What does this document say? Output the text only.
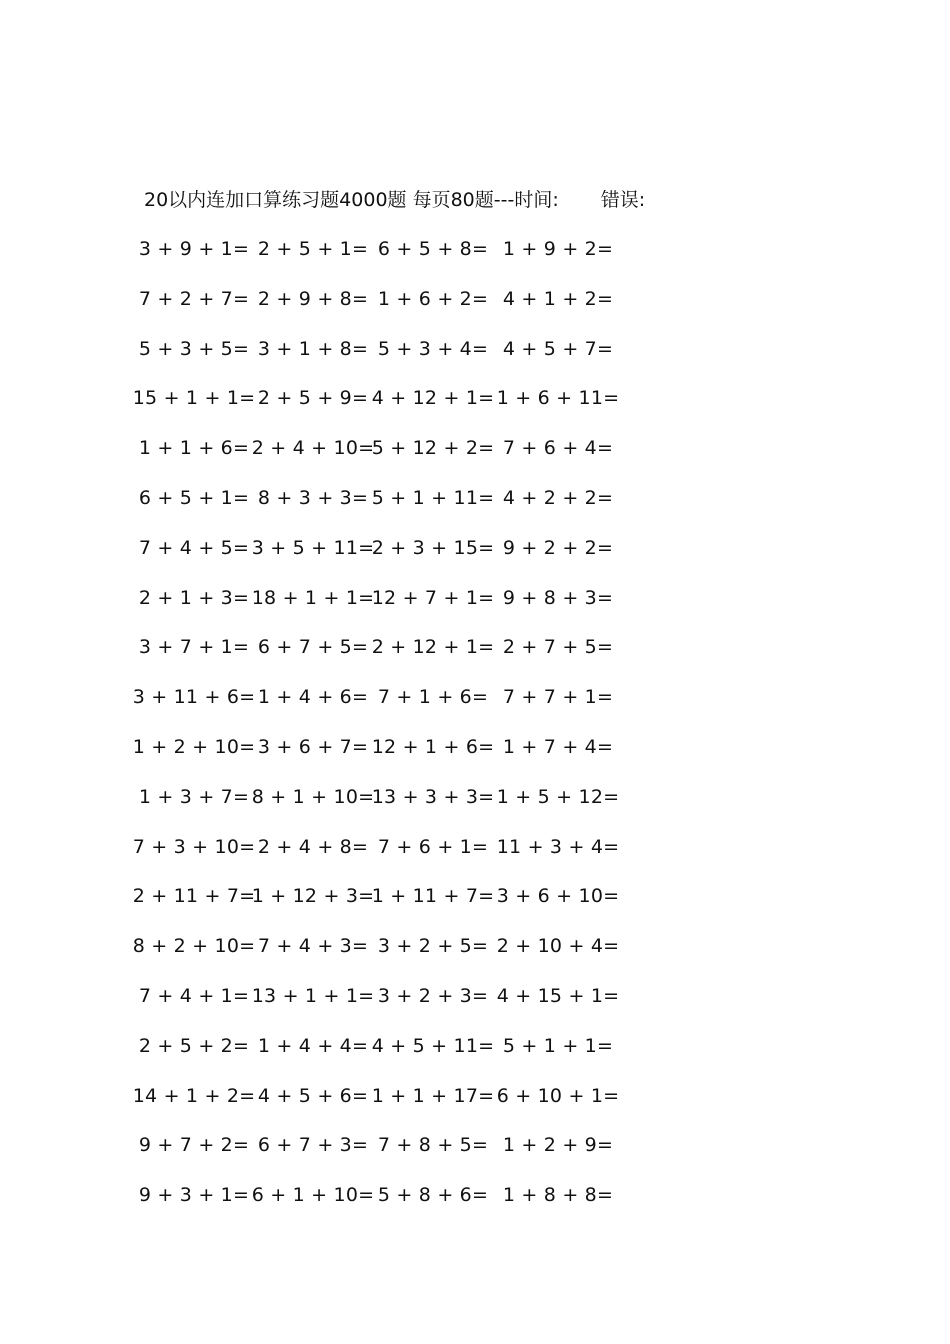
20以内连加口算练习题4000题 每页80题---时间: 错误:
3 + 9 + 1= 2 + 5 + 1= 6 + 5 + 8= 1 + 9 + 2=
7 + 2 + 7= 2 + 9 + 8= 1 + 6 + 2= 4 + 1 + 2=
5 + 3 + 5= 3 + 1 + 8= 5 + 3 + 4= 4 + 5 + 7=
15 + 1 + 1= 2 + 5 + 9= 4 + 12 + 1= 1 + 6 + 11=
1 + 1 + 6= 2 + 4 + 10=
5 + 12 + 2= 7 + 6 + 4=
6 + 5 + 1= 8 + 3 + 3= 5 + 1 + 11= 4 + 2 + 2=
7 + 4 + 5= 3 + 5 + 11=
2 + 3 + 15= 9 + 2 + 2=
2 + 1 + 3= 18 + 1 + 1=
12 + 7 + 1= 9 + 8 + 3=
3 + 7 + 1= 6 + 7 + 5= 2 + 12 + 1= 2 + 7 + 5=
3 + 11 + 6= 1 + 4 + 6= 7 + 1 + 6= 7 + 7 + 1=
1 + 2 + 10= 3 + 6 + 7= 12 + 1 + 6= 1 + 7 + 4=
1 + 3 + 7= 8 + 1 + 10=
13 + 3 + 3= 1 + 5 + 12=
7 + 3 + 10= 2 + 4 + 8= 7 + 6 + 1= 11 + 3 + 4=
2 + 11 + 7=
1 + 12 + 3=
1 + 11 + 7= 3 + 6 + 10=
8 + 2 + 10= 7 + 4 + 3= 3 + 2 + 5= 2 + 10 + 4=
7 + 4 + 1= 13 + 1 + 1= 3 + 2 + 3= 4 + 15 + 1=
2 + 5 + 2= 1 + 4 + 4= 4 + 5 + 11= 5 + 1 + 1=
14 + 1 + 2= 4 + 5 + 6= 1 + 1 + 17= 6 + 10 + 1=
9 + 7 + 2= 6 + 7 + 3= 7 + 8 + 5= 1 + 2 + 9=
9 + 3 + 1= 6 + 1 + 10= 5 + 8 + 6= 1 + 8 + 8=
